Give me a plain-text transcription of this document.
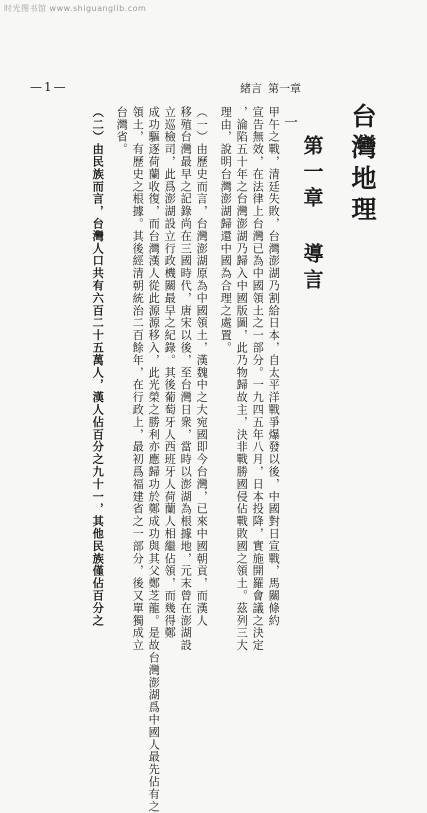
时光图书馆 www.shiguanglib.com
第一章
緒言
—1—
台灣地理
第一章 導言
一
甲午之戰，清廷失敗，台灣澎湖乃割給日本，自太平洋戰爭爆發以後，中國對日宣戰，馬關條約
宣告無效，在法律上台灣已為中國領土之一部分。一九四五年八月，日本投降，實施開羅會議之決定
，淪陷五十年之台灣澎湖乃歸入中國版圖，此乃物歸故主，決非戰勝國侵佔戰敗國之領土。茲列三大
理由，說明台灣澎湖歸還中國為合理之處置。
（一）由歷史而言，台灣澎湖原為中國領土，漢魏中之大宛國即今台灣，已來中國朝貢，而漢人
移殖台灣最早之記錄尚在三國時代，唐宋以後，至台灣日衆，當時以澎湖為根據地，元末曾在澎湖設
立巡檢司，此爲澎湖設立行政機關最早之紀錄。其後葡萄牙人西班牙人荷蘭人相繼佔領，而幾得鄭
成功驅逐荷蘭收復，而台灣漢人從此源源移入，此光榮之勝利亦應歸功於鄭成功與其父鄭芝龍。是故台灣澎湖爲中國人最先佔有之
領土，有歷史之根據。其後經清朝統治二百餘年，在行政上，最初爲福建省之一部分，後又單獨成立
台灣省。
（二）由民族而言，台灣人口共有六百二十五萬人，漢人佔百分之九十一，其他民族僅佔百分之
